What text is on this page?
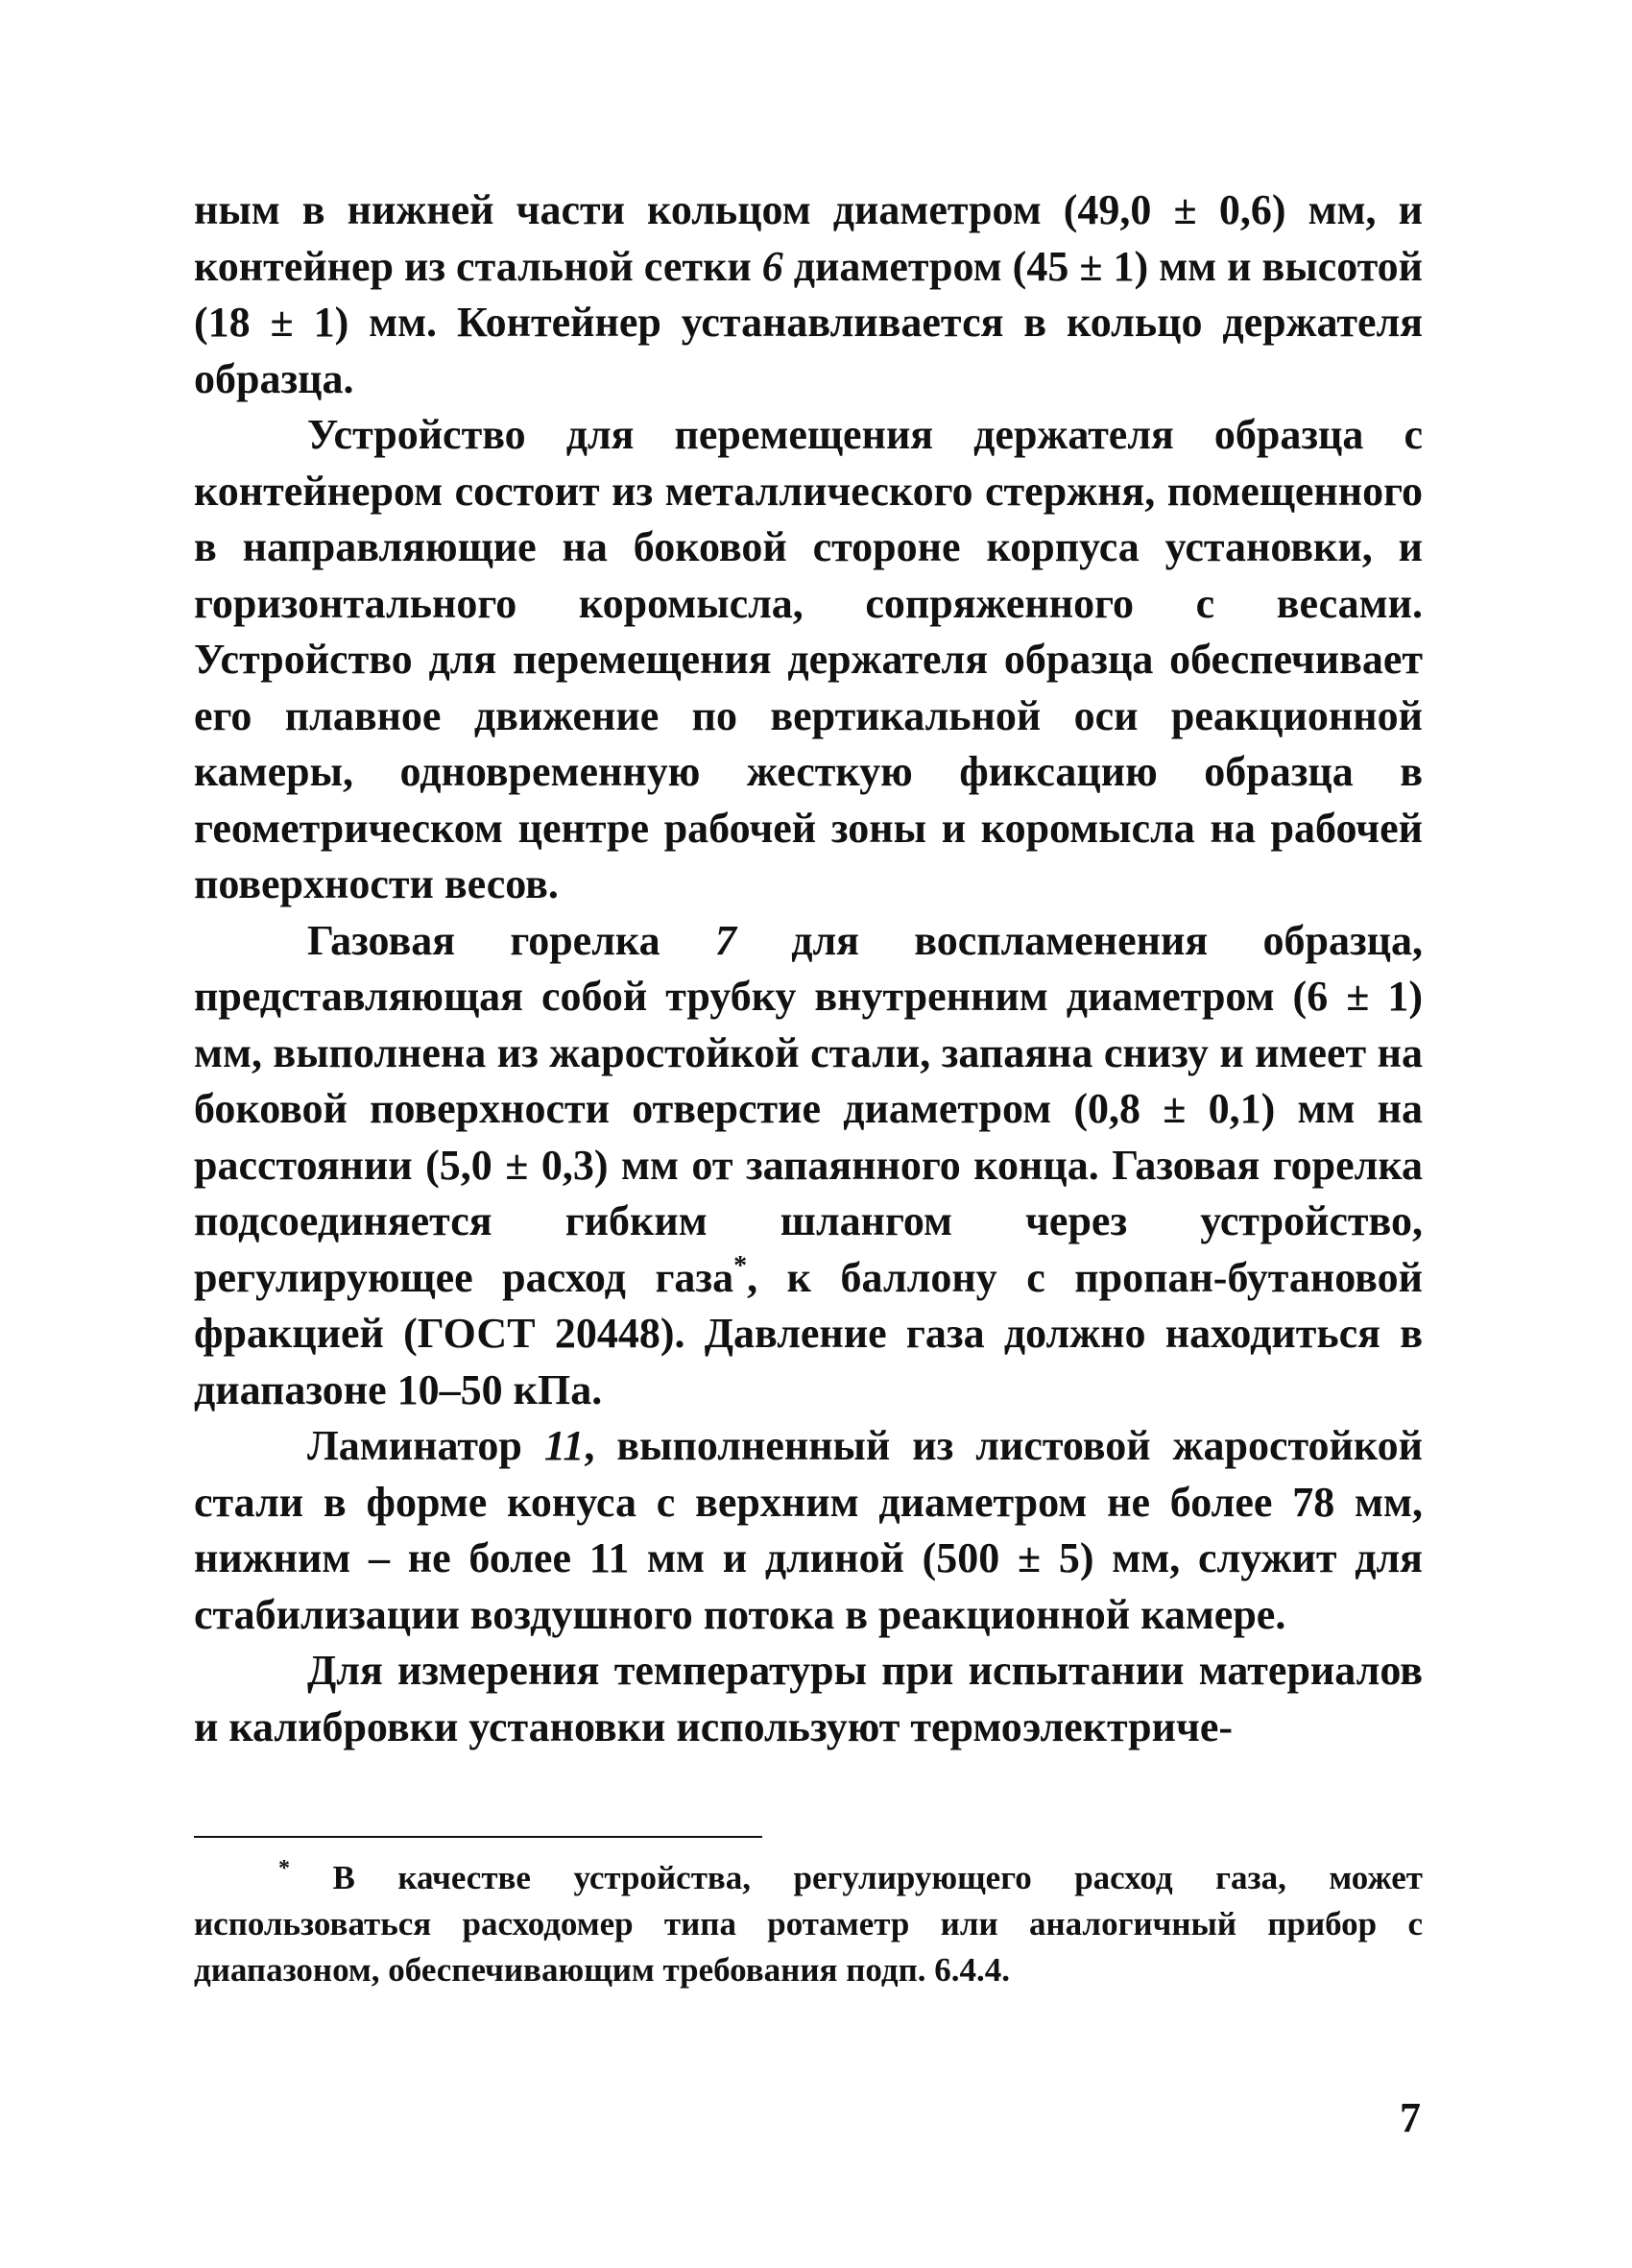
ным в нижней части кольцом диаметром (49,0 ± 0,6) мм, и контейнер из стальной сетки 6 диаметром (45 ± 1) мм и высотой (18 ± 1) мм. Контейнер устанавливается в кольцо держателя образца.

Устройство для перемещения держателя образца с контейнером состоит из металлического стержня, помещенного в направляющие на боковой стороне корпуса установки, и горизонтального коромысла, сопряженного с весами. Устройство для перемещения держателя образца обеспечивает его плавное движение по вертикальной оси реакционной камеры, одновременную жесткую фиксацию образца в геометрическом центре рабочей зоны и коромысла на рабочей поверхности весов.

Газовая горелка 7 для воспламенения образца, представляющая собой трубку внутренним диаметром (6 ± 1) мм, выполнена из жаростойкой стали, запаяна снизу и имеет на боковой поверхности отверстие диаметром (0,8 ± 0,1) мм на расстоянии (5,0 ± 0,3) мм от запаянного конца. Газовая горелка подсоединяется гибким шлангом через устройство, регулирующее расход газа*, к баллону с пропан-бутановой фракцией (ГОСТ 20448). Давление газа должно находиться в диапазоне 10–50 кПа.

Ламинатор 11, выполненный из листовой жаростойкой стали в форме конуса с верхним диаметром не более 78 мм, нижним – не более 11 мм и длиной (500 ± 5) мм, служит для стабилизации воздушного потока в реакционной камере.

Для измерения температуры при испытании материалов и калибровки установки используют термоэлектриче-

* В качестве устройства, регулирующего расход газа, может использоваться расходомер типа ротаметр или аналогичный прибор с диапазоном, обеспечивающим требования подп. 6.4.4.
7
